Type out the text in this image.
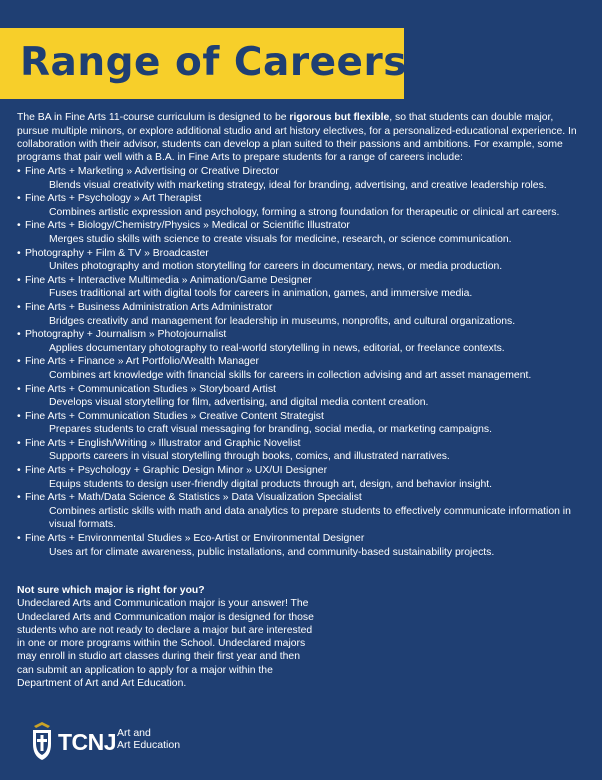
Range of Careers

The BA in Fine Arts 11-course curriculum is designed to be rigorous but flexible, so that students can double major, pursue multiple minors, or explore additional studio and art history electives, for a personalized-educational experience. In collaboration with their advisor, students can develop a plan suited to their passions and ambitions. For example, some programs that pair well with a B.A. in Fine Arts to prepare students for a range of careers include:

• Fine Arts + Marketing » Advertising or Creative Director
Blends visual creativity with marketing strategy, ideal for branding, advertising, and creative leadership roles.
• Fine Arts + Psychology » Art Therapist
Combines artistic expression and psychology, forming a strong foundation for therapeutic or clinical art careers.
• Fine Arts + Biology/Chemistry/Physics » Medical or Scientific Illustrator
Merges studio skills with science to create visuals for medicine, research, or science communication.
• Photography + Film & TV » Broadcaster
Unites photography and motion storytelling for careers in documentary, news, or media production.
• Fine Arts + Interactive Multimedia » Animation/Game Designer
Fuses traditional art with digital tools for careers in animation, games, and immersive media.
• Fine Arts + Business Administration Arts Administrator
Bridges creativity and management for leadership in museums, nonprofits, and cultural organizations.
• Photography + Journalism » Photojournalist
Applies documentary photography to real-world storytelling in news, editorial, or freelance contexts.
• Fine Arts + Finance » Art Portfolio/Wealth Manager
Combines art knowledge with financial skills for careers in collection advising and art asset management.
• Fine Arts + Communication Studies » Storyboard Artist
Develops visual storytelling for film, advertising, and digital media content creation.
• Fine Arts + Communication Studies » Creative Content Strategist
Prepares students to craft visual messaging for branding, social media, or marketing campaigns.
• Fine Arts + English/Writing » Illustrator and Graphic Novelist
Supports careers in visual storytelling through books, comics, and illustrated narratives.
• Fine Arts + Psychology + Graphic Design Minor » UX/UI Designer
Equips students to design user-friendly digital products through art, design, and behavior insight.
• Fine Arts + Math/Data Science & Statistics » Data Visualization Specialist
Combines artistic skills with math and data analytics to prepare students to effectively communicate information in visual formats.
• Fine Arts + Environmental Studies » Eco-Artist or Environmental Designer
Uses art for climate awareness, public installations, and community-based sustainability projects.
Not sure which major is right for you?
Undeclared Arts and Communication major is your answer! The Undeclared Arts and Communication major is designed for those students who are not ready to declare a major but are interested in one or more programs within the School. Undeclared majors may enroll in studio art classes during their first year and then can submit an application to apply for a major within the Department of Art and Art Education.
TCNJ Art and
Art Education
